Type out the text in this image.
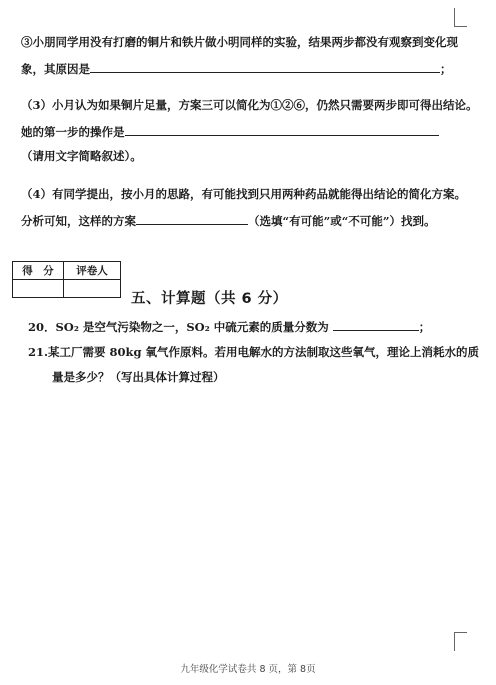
③小朋同学用没有打磨的铜片和铁片做小明同样的实验，结果两步都没有观察到变化现
象，其原因是	；
（3）小月认为如果铜片足量，方案三可以简化为①②⑥，仍然只需要两步即可得出结论。
她的第一步的操作是
（请用文字简略叙述）。
（4）有同学提出，按小月的思路，有可能找到只用两种药品就能得出结论的简化方案。
分析可知，这样的方案	（选填“有可能”或“不可能”）找到。
得　分	评卷人

五、计算题（共 6 分）
20．SO₂ 是空气污染物之一，SO₂ 中硫元素的质量分数为	；
21.某工厂需要 80kg 氧气作原料。若用电解水的方法制取这些氧气，理论上消耗水的质
量是多少？（写出具体计算过程）
九年级化学试卷共 8 页，第 8页
